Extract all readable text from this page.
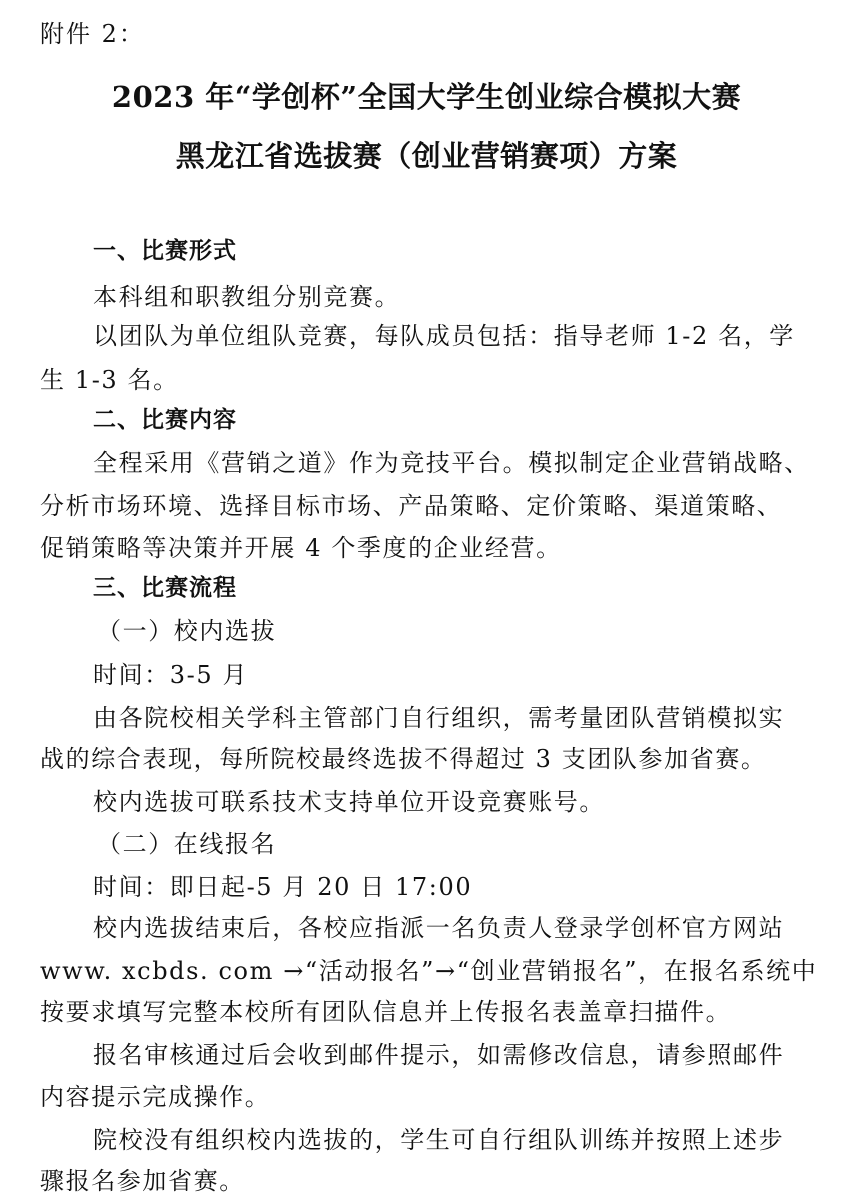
附件 2：
2023 年“学创杯”全国大学生创业综合模拟大赛
黑龙江省选拔赛（创业营销赛项）方案
一、比赛形式
本科组和职教组分别竞赛。
以团队为单位组队竞赛，每队成员包括：指导老师 1-2 名，学
生 1-3 名。
二、比赛内容
全程采用《营销之道》作为竞技平台。模拟制定企业营销战略、
分析市场环境、选择目标市场、产品策略、定价策略、渠道策略、
促销策略等决策并开展 4 个季度的企业经营。
三、比赛流程
（一）校内选拔
时间：3-5 月
由各院校相关学科主管部门自行组织，需考量团队营销模拟实
战的综合表现，每所院校最终选拔不得超过 3 支团队参加省赛。
校内选拔可联系技术支持单位开设竞赛账号。
（二）在线报名
时间：即日起-5 月 20 日 17:00
校内选拔结束后，各校应指派一名负责人登录学创杯官方网站
www. xcbds. com →“活动报名”→“创业营销报名”，在报名系统中
按要求填写完整本校所有团队信息并上传报名表盖章扫描件。
报名审核通过后会收到邮件提示，如需修改信息，请参照邮件
内容提示完成操作。
院校没有组织校内选拔的，学生可自行组队训练并按照上述步
骤报名参加省赛。
